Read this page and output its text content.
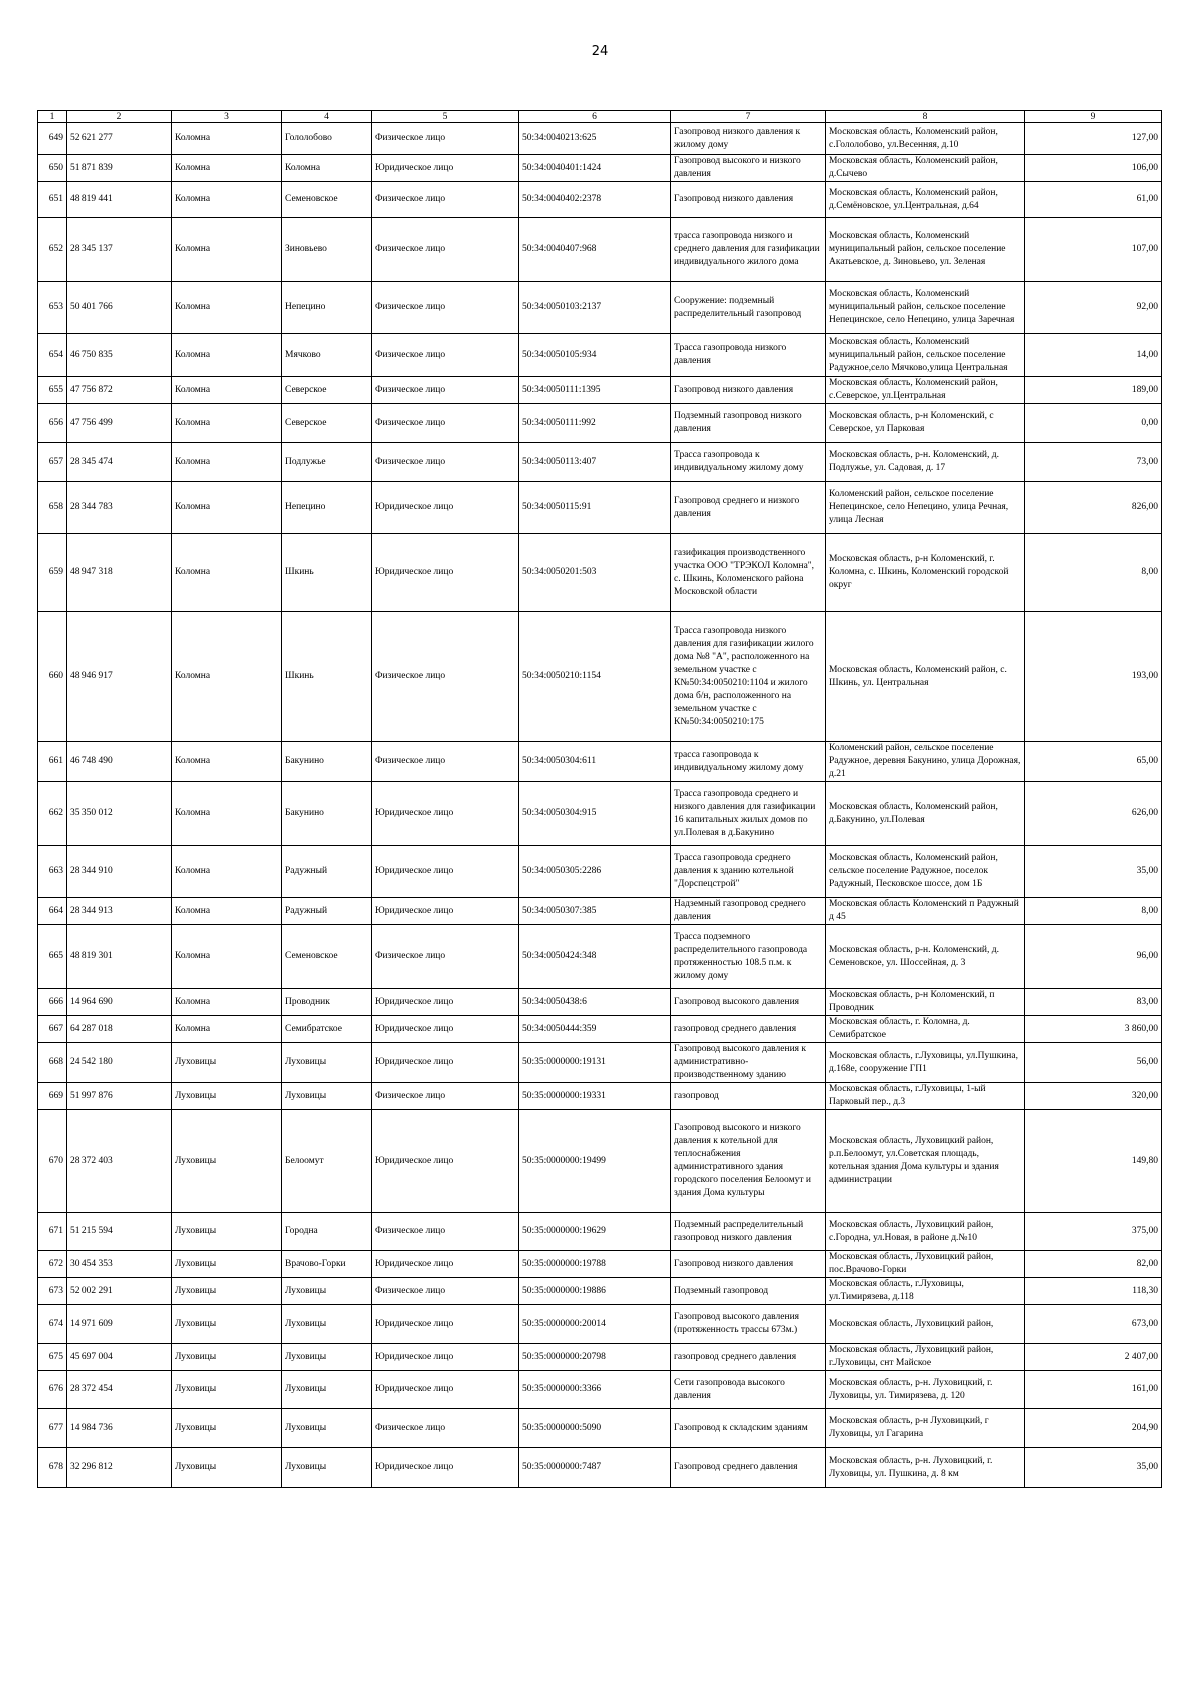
24
1	2	3	4	5	6	7	8	9
649	52 621 277	Коломна	Гололобово	Физическое лицо	50:34:0040213:625	Газопровод низкого давления к жилому дому	Московская область, Коломенский район, с.Гололобово, ул.Весенняя, д.10	127,00
650	51 871 839	Коломна	Коломна	Юридическое лицо	50:34:0040401:1424	Газопровод высокого и низкого давления	Московская область, Коломенский район, д.Сычево	106,00
651	48 819 441	Коломна	Семеновское	Физическое лицо	50:34:0040402:2378	Газопровод низкого давления	Московская область, Коломенский район, д.Семёновское, ул.Центральная, д.64	61,00
652	28 345 137	Коломна	Зиновьево	Физическое лицо	50:34:0040407:968	трасса газопровода низкого и среднего давления для газификации индивидуального жилого дома	Московская область, Коломенский муниципальный район, сельское поселение Акатьевское, д. Зиновьево, ул. Зеленая	107,00
653	50 401 766	Коломна	Непецино	Физическое лицо	50:34:0050103:2137	Сооружение: подземный распределительный газопровод	Московская область, Коломенский муниципальный район, сельское поселение Непецинское, село Непецино, улица Заречная	92,00
654	46 750 835	Коломна	Мячково	Физическое лицо	50:34:0050105:934	Трасса газопровода низкого давления	Московская область, Коломенский муниципальный район, сельское поселение Радужное,село Мячково,улица Центральная	14,00
655	47 756 872	Коломна	Северское	Физическое лицо	50:34:0050111:1395	Газопровод низкого давления	Московская область, Коломенский район, с.Северское, ул.Центральная	189,00
656	47 756 499	Коломна	Северское	Физическое лицо	50:34:0050111:992	Подземный газопровод низкого давления	Московская область, р-н Коломенский, с Северское, ул Парковая	0,00
657	28 345 474	Коломна	Подлужье	Физическое лицо	50:34:0050113:407	Трасса газопровода к индивидуальному жилому дому	Московская область, р-н. Коломенский, д. Подлужье, ул. Садовая, д. 17	73,00
658	28 344 783	Коломна	Непецино	Юридическое лицо	50:34:0050115:91	Газопровод среднего и низкого давления	Коломенский район, сельское поселение Непецинское, село Непецино, улица Речная, улица Лесная	826,00
659	48 947 318	Коломна	Шкинь	Юридическое лицо	50:34:0050201:503	газификация производственного участка ООО "ТРЭКОЛ Коломна", с. Шкинь, Коломенского района Московской области	Московская область, р-н Коломенский, г. Коломна, с. Шкинь, Коломенский городской округ	8,00
660	48 946 917	Коломна	Шкинь	Физическое лицо	50:34:0050210:1154	Трасса газопровода низкого давления для газификации жилого дома №8 "А", расположенного на земельном участке с К№50:34:0050210:1104 и жилого дома б/н, расположенного на земельном участке с К№50:34:0050210:175	Московская область, Коломенский район, с. Шкинь, ул. Центральная	193,00
661	46 748 490	Коломна	Бакунино	Физическое лицо	50:34:0050304:611	трасса газопровода к индивидуальному жилому дому	Коломенский район, сельское поселение Радужное, деревня Бакунино, улица Дорожная, д.21	65,00
662	35 350 012	Коломна	Бакунино	Юридическое лицо	50:34:0050304:915	Трасса газопровода среднего и низкого давления для газификации 16 капитальных жилых домов по ул.Полевая в д.Бакунино	Московская область, Коломенский район, д.Бакунино, ул.Полевая	626,00
663	28 344 910	Коломна	Радужный	Юридическое лицо	50:34:0050305:2286	Трасса газопровода среднего давления к зданию котельной "Дорспецстрой"	Московская область, Коломенский район, сельское поселение Радужное, поселок Радужный, Песковское шоссе, дом 1Б	35,00
664	28 344 913	Коломна	Радужный	Юридическое лицо	50:34:0050307:385	Надземный газопровод среднего давления	Московская область Коломенский п Радужный д 45	8,00
665	48 819 301	Коломна	Семеновское	Физическое лицо	50:34:0050424:348	Трасса подземного распределительного газопровода протяженностью 108.5 п.м. к жилому дому	Московская область, р-н. Коломенский, д. Семеновское, ул. Шоссейная, д. 3	96,00
666	14 964 690	Коломна	Проводник	Юридическое лицо	50:34:0050438:6	Газопровод высокого давления	Московская область, р-н Коломенский, п Проводник	83,00
667	64 287 018	Коломна	Семибратское	Юридическое лицо	50:34:0050444:359	газопровод среднего давления	Московская область, г. Коломна, д. Семибратское	3 860,00
668	24 542 180	Луховицы	Луховицы	Юридическое лицо	50:35:0000000:19131	Газопровод высокого давления к административно-производственному зданию	Московская область, г.Луховицы, ул.Пушкина, д.168е, сооружение ГП1	56,00
669	51 997 876	Луховицы	Луховицы	Физическое лицо	50:35:0000000:19331	газопровод	Московская область, г.Луховицы, 1-ый Парковый пер., д.3	320,00
670	28 372 403	Луховицы	Белоомут	Юридическое лицо	50:35:0000000:19499	Газопровод высокого и низкого давления к котельной для теплоснабжения административного здания городского поселения Белоомут и здания Дома культуры	Московская область, Луховицкий район, р.п.Белоомут, ул.Советская площадь, котельная здания Дома культуры и здания администрации	149,80
671	51 215 594	Луховицы	Городна	Физическое лицо	50:35:0000000:19629	Подземный распределительный газопровод низкого давления	Московская область, Луховицкий район, с.Городна, ул.Новая, в районе д.№10	375,00
672	30 454 353	Луховицы	Врачово-Горки	Юридическое лицо	50:35:0000000:19788	Газопровод низкого давления	Московская область, Луховицкий район, пос.Врачово-Горки	82,00
673	52 002 291	Луховицы	Луховицы	Физическое лицо	50:35:0000000:19886	Подземный газопровод	Московская область, г.Луховицы, ул.Тимирязева, д.118	118,30
674	14 971 609	Луховицы	Луховицы	Юридическое лицо	50:35:0000000:20014	Газопровод высокого давления (протяженность трассы 673м.)	Московская область, Луховицкий район,	673,00
675	45 697 004	Луховицы	Луховицы	Юридическое лицо	50:35:0000000:20798	газопровод среднего давления	Московская область, Луховицкий район, г.Луховицы, снт Майское	2 407,00
676	28 372 454	Луховицы	Луховицы	Юридическое лицо	50:35:0000000:3366	Сети газопровода высокого давления	Московская область, р-н. Луховицкий, г. Луховицы, ул. Тимирязева, д. 120	161,00
677	14 984 736	Луховицы	Луховицы	Физическое лицо	50:35:0000000:5090	Газопровод к складским зданиям	Московская область, р-н Луховицкий, г Луховицы, ул Гагарина	204,90
678	32 296 812	Луховицы	Луховицы	Юридическое лицо	50:35:0000000:7487	Газопровод среднего давления	Московская область, р-н. Луховицкий, г. Луховицы, ул. Пушкина, д. 8 км	35,00
